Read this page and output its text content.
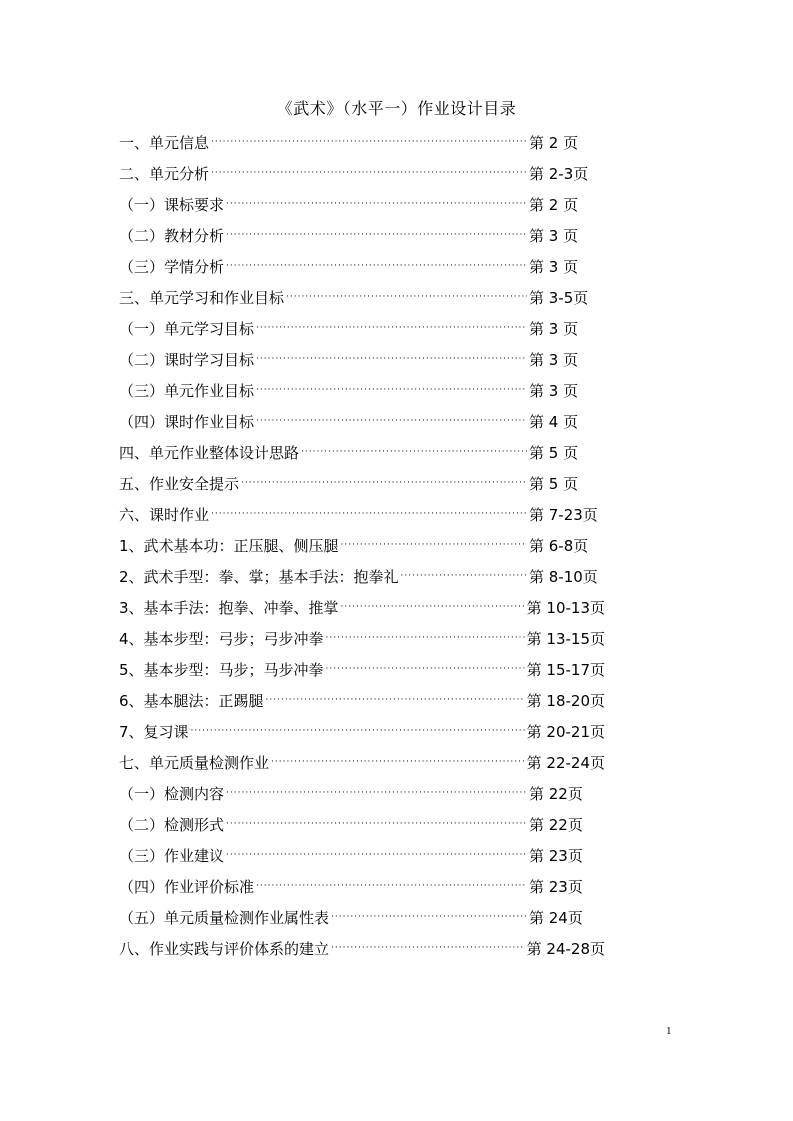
《武术》（水平一）作业设计目录
一、单元信息 ·····	第 2 页
二、单元分析 ·····	第 2-3页
（一）课标要求 ·····	第 2 页
（二）教材分析 ·····	第 3 页
（三）学情分析 ·····	第 3 页
三、单元学习和作业目标 ·····	第 3-5页
（一）单元学习目标 ·····	第 3 页
（二）课时学习目标 ·····	第 3 页
（三）单元作业目标 ·····	第 3 页
（四）课时作业目标 ·····	第 4 页
四、单元作业整体设计思路 ·····	第 5 页
五、作业安全提示 ·····	第 5 页
六、课时作业 ·····	第 7-23页
1、武术基本功：正压腿、侧压腿 ·····	第 6-8页
2、武术手型：拳、掌；基本手法：抱拳礼 ·····	第 8-10页
3、基本手法：抱拳、冲拳、推掌 ·····	第 10-13页
4、基本步型：弓步；弓步冲拳 ·····	第 13-15页
5、基本步型：马步；马步冲拳 ·····	第 15-17页
6、基本腿法：正踢腿 ·····	第 18-20页
7、复习课 ·····	第 20-21页
七、单元质量检测作业 ·····	第 22-24页
（一）检测内容 ·····	第 22页
（二）检测形式 ·····	第 22页
（三）作业建议 ·····	第 23页
（四）作业评价标准 ·····	第 23页
（五）单元质量检测作业属性表 ·····	第 24页
八、作业实践与评价体系的建立 ·····	第 24-28页
1
